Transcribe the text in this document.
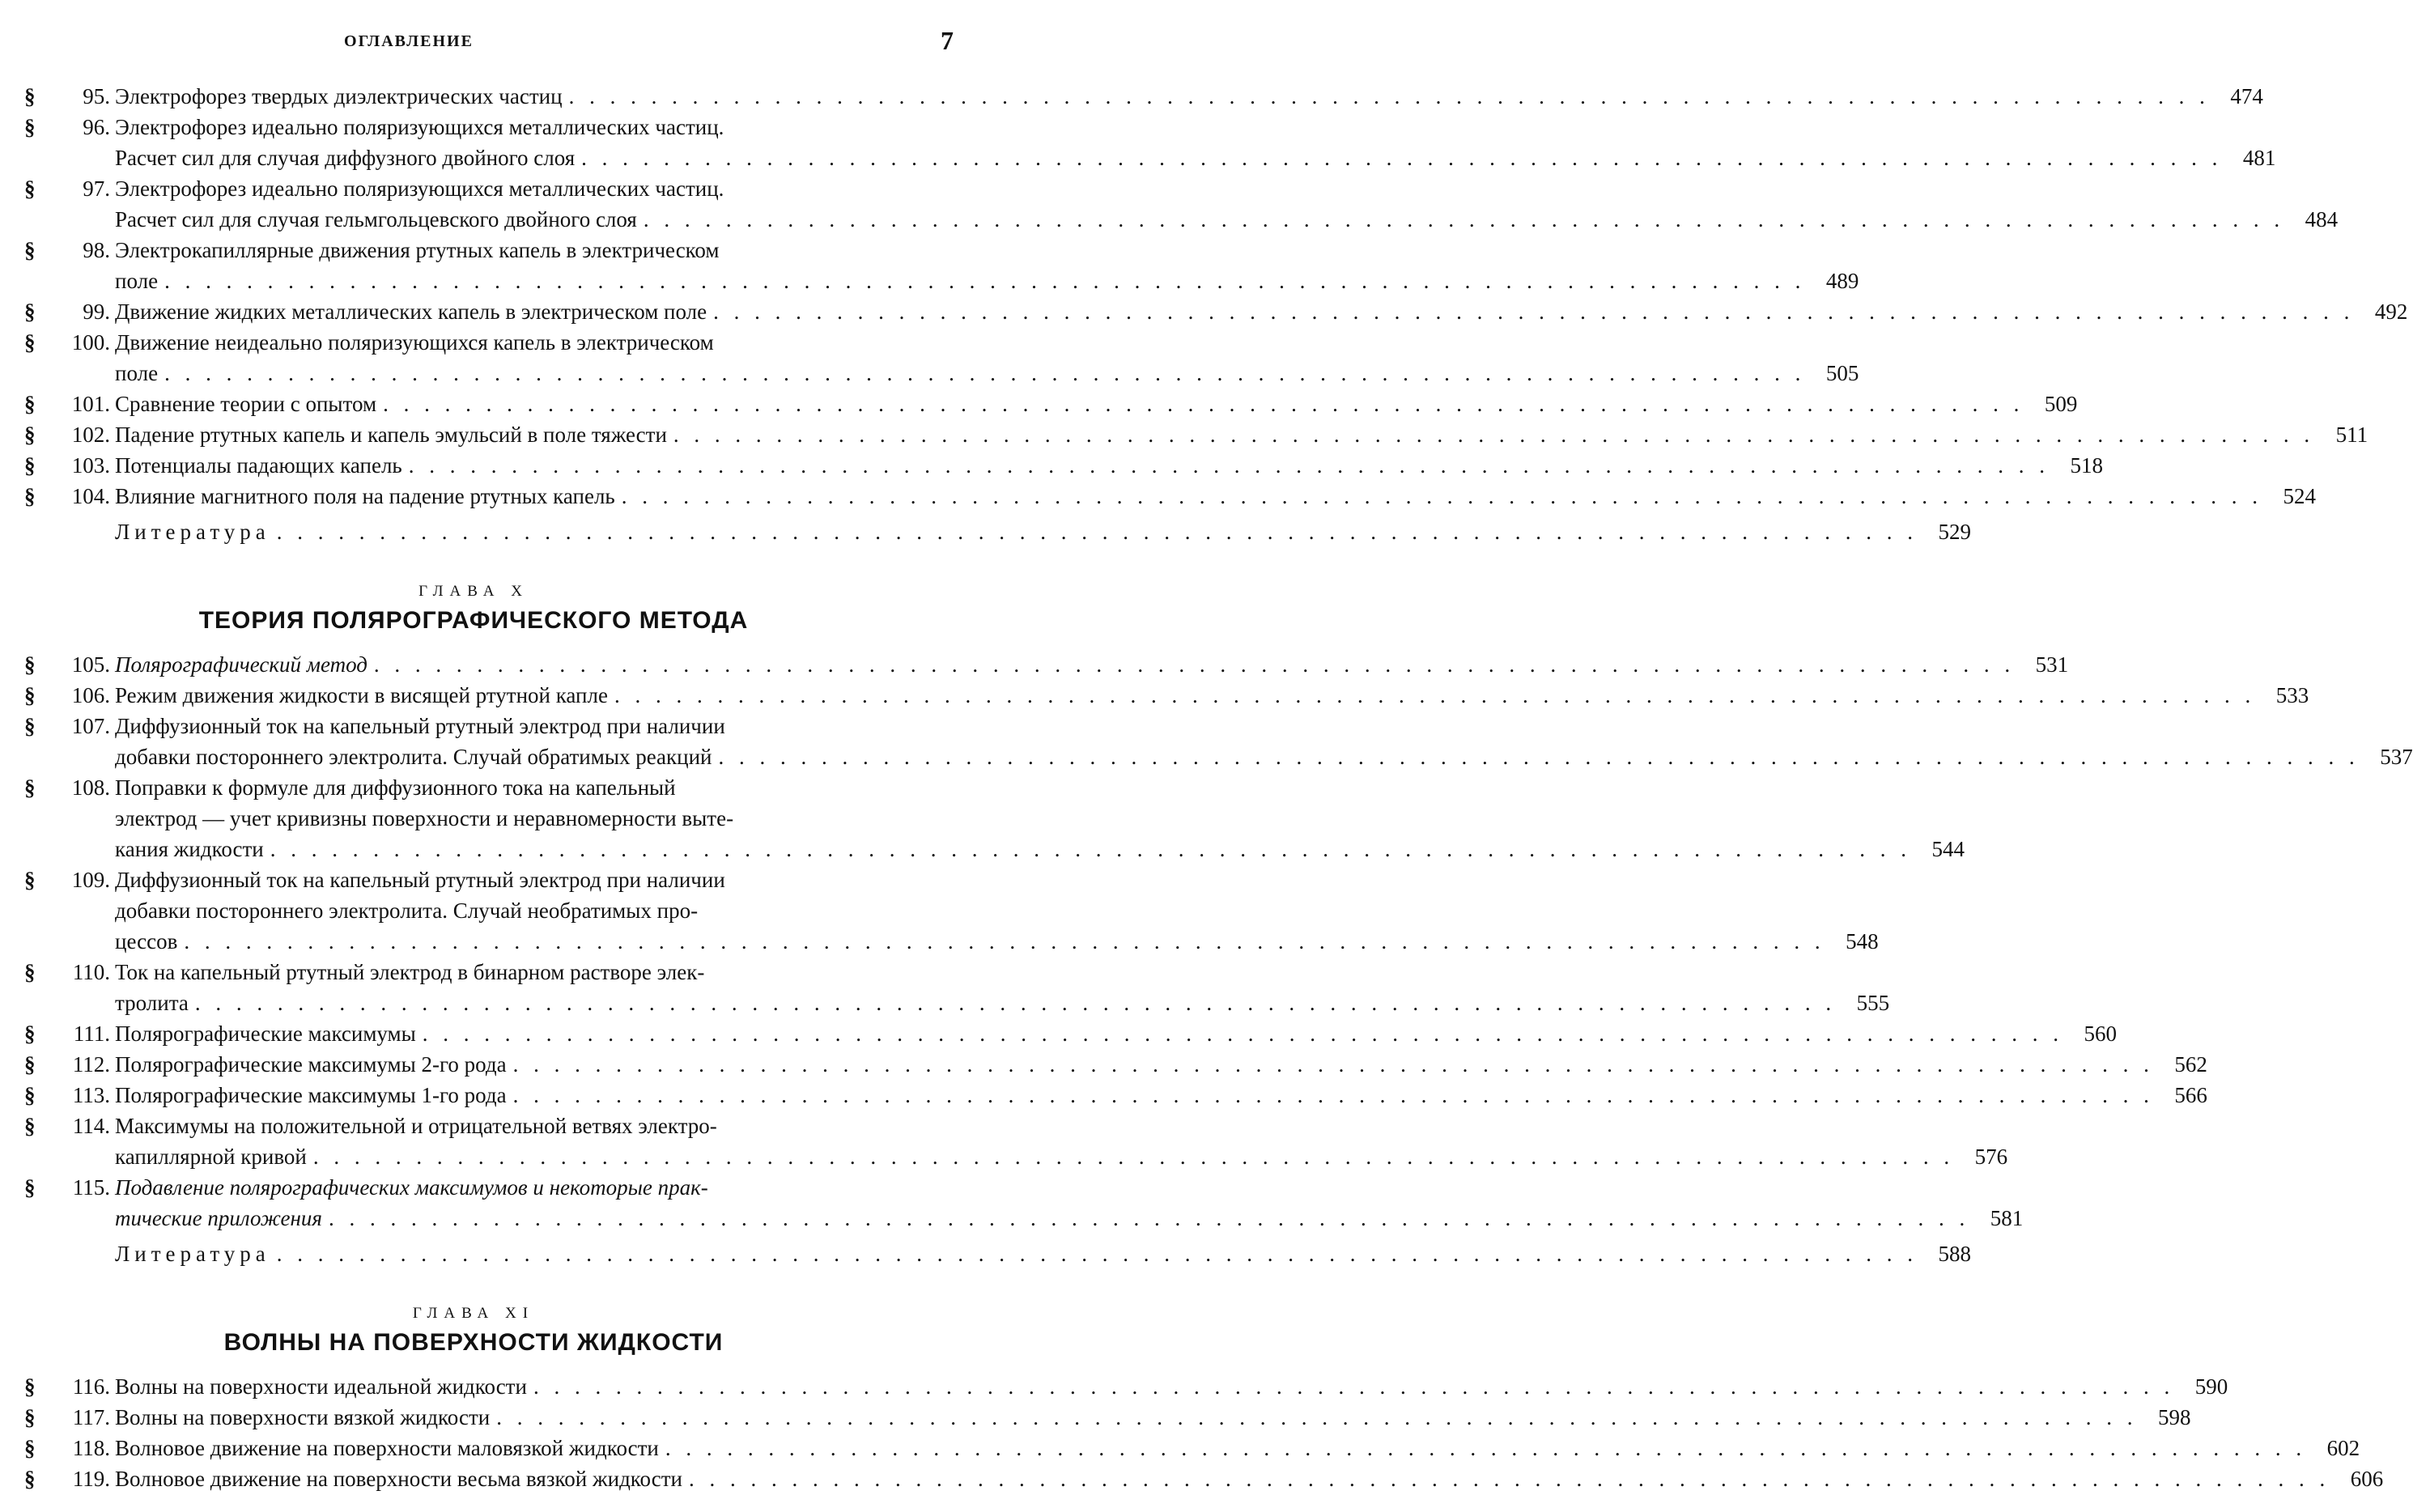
ОГЛАВЛЕНИЕ	7
§ 95. Электрофорез твердых диэлектрических частиц . . .	474
§ 96. Электрофорез идеально поляризующихся металлических частиц.
Расчет сил для случая диффузного двойного слоя . . .	481
§ 97. Электрофорез идеально поляризующихся металлических частиц.
Расчет сил для случая гельмгольцевского двойного слоя . . .	484
§ 98. Электрокапиллярные движения ртутных капель в электрическом
поле . . .	489
§ 99. Движение жидких металлических капель в электрическом поле . . .	492
§ 100. Движение неидеально поляризующихся капель в электрическом
поле . . .	505
§ 101. Сравнение теории с опытом . . .	509
§ 102. Падение ртутных капель и капель эмульсий в поле тяжести . . .	511
§ 103. Потенциалы падающих капель . . .	518
§ 104. Влияние магнитного поля на падение ртутных капель . . .	524
Литература . . .	529
ГЛАВА X
ТЕОРИЯ ПОЛЯРОГРАФИЧЕСКОГО МЕТОДА
§ 105. Полярографический метод . . .	531
§ 106. Режим движения жидкости в висящей ртутной капле . . .	533
§ 107. Диффузионный ток на капельный ртутный электрод при наличии
добавки постороннего электролита. Случай обратимых реакций . . .	537
§ 108. Поправки к формуле для диффузионного тока на капельный
электрод — учет кривизны поверхности и неравномерности выте-
кания жидкости . . .	544
§ 109. Диффузионный ток на капельный ртутный электрод при наличии
добавки постороннего электролита. Случай необратимых про-
цессов . . .	548
§ 110. Ток на капельный ртутный электрод в бинарном растворе элек-
тролита . . .	555
§ 111. Полярографические максимумы . . .	560
§ 112. Полярографические максимумы 2-го рода . . .	562
§ 113. Полярографические максимумы 1-го рода . . .	566
§ 114. Максимумы на положительной и отрицательной ветвях электро-
капиллярной кривой . . .	576
§ 115. Подавление полярографических максимумов и некоторые прак-
тические приложения . . .	581
Литература . . .	588
ГЛАВА XI
ВОЛНЫ НА ПОВЕРХНОСТИ ЖИДКОСТИ
§ 116. Волны на поверхности идеальной жидкости . . .	590
§ 117. Волны на поверхности вязкой жидкости . . .	598
§ 118. Волновое движение на поверхности маловязкой жидкости . . .	602
§ 119. Волновое движение на поверхности весьма вязкой жидкости . . .	606
